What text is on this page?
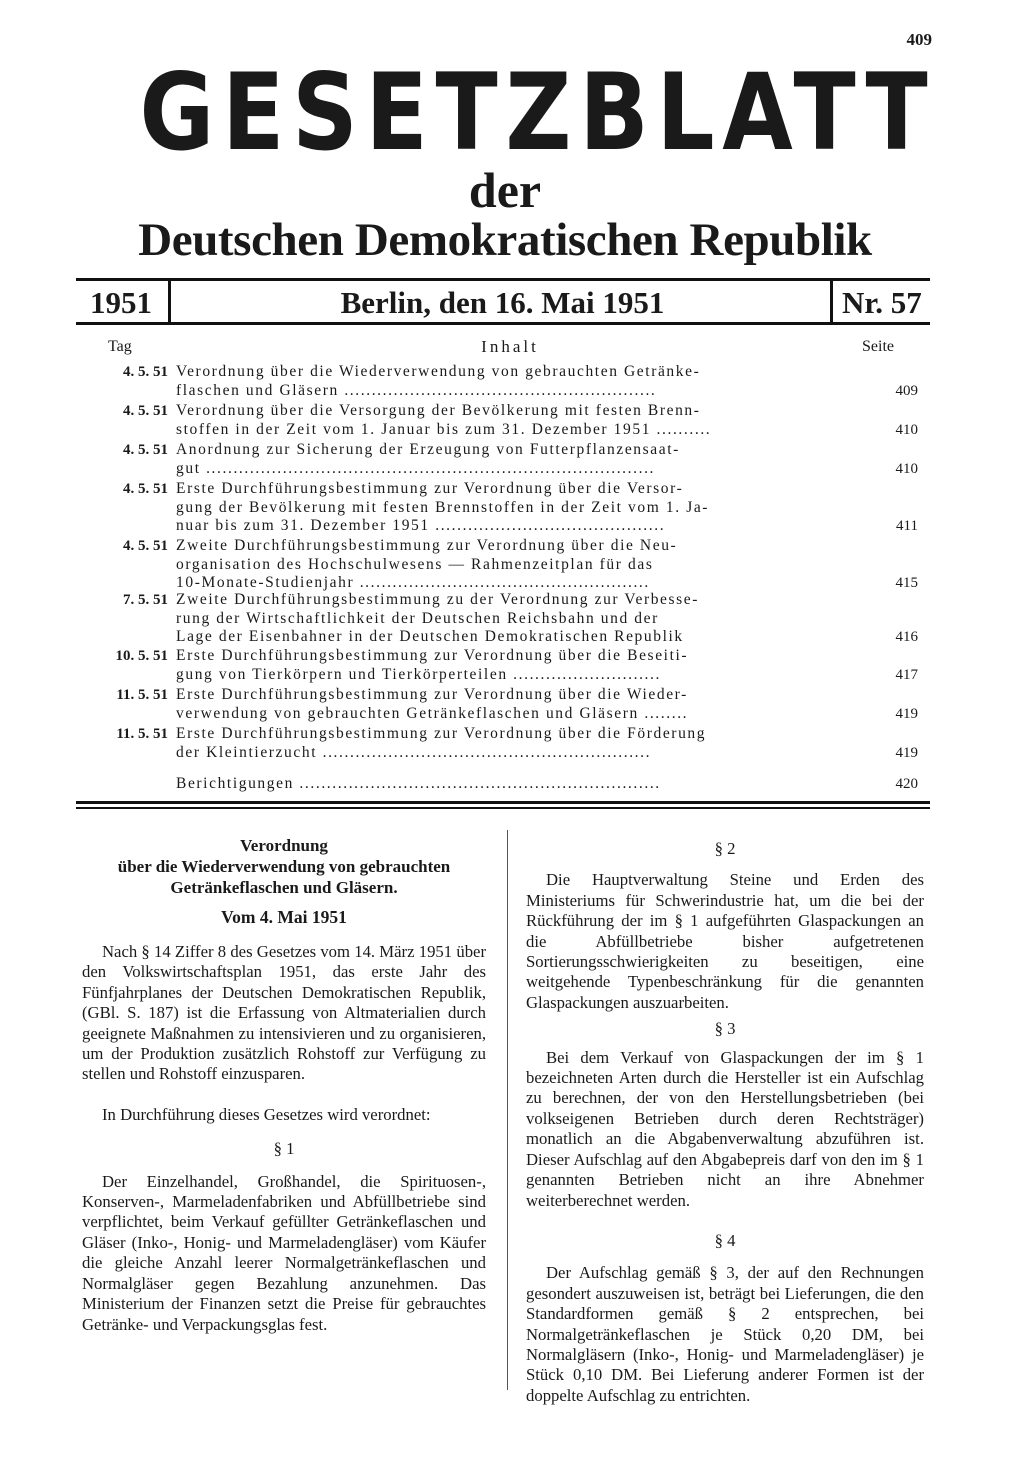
409
GESETZBLATT
der
Deutschen Demokratischen Republik
1951	Berlin, den 16. Mai 1951	Nr. 57
Tag	Inhalt	Seite
4. 5. 51 Verordnung über die Wiederverwendung von gebrauchten Getränke-
flaschen und Gläsern .........................................................	409
4. 5. 51 Verordnung über die Versorgung der Bevölkerung mit festen Brenn-
stoffen in der Zeit vom 1. Januar bis zum 31. Dezember 1951 ..........	410
4. 5. 51 Anordnung zur Sicherung der Erzeugung von Futterpflanzensaat-
gut ..................................................................................	410
4. 5. 51 Erste Durchführungsbestimmung zur Verordnung über die Versor-
gung der Bevölkerung mit festen Brennstoffen in der Zeit vom 1. Ja-
nuar bis zum 31. Dezember 1951 ..........................................	411
4. 5. 51 Zweite Durchführungsbestimmung zur Verordnung über die Neu-
organisation des Hochschulwesens — Rahmenzeitplan für das
10-Monate-Studienjahr .....................................................	415
7. 5. 51 Zweite Durchführungsbestimmung zu der Verordnung zur Verbesse-
rung der Wirtschaftlichkeit der Deutschen Reichsbahn und der
Lage der Eisenbahner in der Deutschen Demokratischen Republik	416
10. 5. 51 Erste Durchführungsbestimmung zur Verordnung über die Beseiti-
gung von Tierkörpern und Tierkörperteilen ...........................	417
11. 5. 51 Erste Durchführungsbestimmung zur Verordnung über die Wieder-
verwendung von gebrauchten Getränkeflaschen und Gläsern ........	419
11. 5. 51 Erste Durchführungsbestimmung zur Verordnung über die Förderung
der Kleintierzucht ............................................................	419
Berichtigungen ..................................................................	420
Verordnung
über die Wiederverwendung von gebrauchten
Getränkeflaschen und Gläsern.
Vom 4. Mai 1951

Nach § 14 Ziffer 8 des Gesetzes vom 14. März 1951 über den Volkswirtschaftsplan 1951, das erste Jahr des Fünfjahrplanes der Deutschen Demokratischen Republik, (GBl. S. 187) ist die Erfassung von Altmaterialien durch geeignete Maßnahmen zu intensivieren und zu organisieren, um der Produktion zusätzlich Rohstoff zur Verfügung zu stellen und Rohstoff einzusparen.

In Durchführung dieses Gesetzes wird verordnet:

§ 1

Der Einzelhandel, Großhandel, die Spirituosen-, Konserven-, Marmeladenfabriken und Abfüllbetriebe sind verpflichtet, beim Verkauf gefüllter Getränkeflaschen und Gläser (Inko-, Honig- und Marmeladengläser) vom Käufer die gleiche Anzahl leerer Normalgetränkeflaschen und Normalgläser gegen Bezahlung anzunehmen. Das Ministerium der Finanzen setzt die Preise für gebrauchtes Getränke- und Verpackungsglas fest.

§ 2

Die Hauptverwaltung Steine und Erden des Ministeriums für Schwerindustrie hat, um die bei der Rückführung der im § 1 aufgeführten Glaspackungen an die Abfüllbetriebe bisher aufgetretenen Sortierungsschwierigkeiten zu beseitigen, eine weitgehende Typenbeschränkung für die genannten Glaspackungen auszuarbeiten.

§ 3

Bei dem Verkauf von Glaspackungen der im § 1 bezeichneten Arten durch die Hersteller ist ein Aufschlag zu berechnen, der von den Herstellungsbetrieben (bei volkseigenen Betrieben durch deren Rechtsträger) monatlich an die Abgabenverwaltung abzuführen ist. Dieser Aufschlag auf den Abgabepreis darf von den im § 1 genannten Betrieben nicht an ihre Abnehmer weiterberechnet werden.

§ 4

Der Aufschlag gemäß § 3, der auf den Rechnungen gesondert auszuweisen ist, beträgt bei Lieferungen, die den Standardformen gemäß § 2 entsprechen, bei Normalgetränkeflaschen je Stück 0,20 DM, bei Normalgläsern (Inko-, Honig- und Marmeladengläser) je Stück 0,10 DM. Bei Lieferung anderer Formen ist der doppelte Aufschlag zu entrichten.
